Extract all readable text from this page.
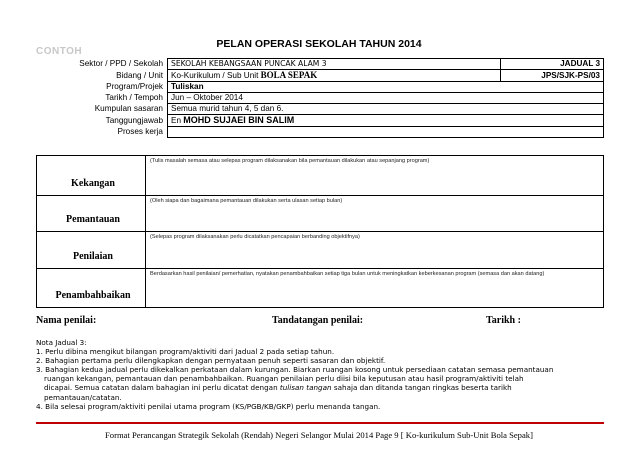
PELAN OPERASI SEKOLAH TAHUN 2014
CONTOH
Sektor / PPD / Sekolah	SEKOLAH KEBANGSAAN PUNCAK ALAM 3	JADUAL 3
Bidang / Unit	Ko-Kurikulum / Sub Unit BOLA SEPAK	JPS/SJK-PS/03
Program/Projek	Tuliskan	
Tarikh / Tempoh	Jun – Oktober 2014	
Kumpulan sasaran	Semua murid tahun 4, 5 dan 6.	
Tanggungjawab	En MOHD SUJAEI BIN SALIM	
Proses kerja		
Kekangan	(Tulis masalah semasa atau selepas program dilaksanakan bila pemantauan dilakukan atau sepanjang program)
Pemantauan	(Oleh siapa dan bagaimana pemantauan dilakukan serta ulasan setiap bulan)
Penilaian	(Selepas program dilaksanakan perlu dicatatkan pencapaian berbanding objektifnya)
Penambahbaikan	Berdasarkan hasil penilaian/ pemerhatian, nyatakan penambahbaikan setiap tiga bulan untuk meningkatkan keberkesanan program (semasa dan akan datang)
Nama penilai:	Tandatangan penilai:	Tarikh :

Nota Jadual 3:

1. Perlu dibina mengikut bilangan program/aktiviti dari Jadual 2 pada setiap tahun.

2. Bahagian pertama perlu dilengkapkan dengan pernyataan penuh seperti sasaran dan objektif.

3. Bahagian kedua jadual perlu dikekalkan perkataan dalam kurungan. Biarkan ruangan kosong untuk persediaan catatan semasa pemantauan

ruangan kekangan, pemantauan dan penambahbaikan. Ruangan penilaian perlu diisi bila keputusan atau hasil program/aktiviti telah

dicapai. Semua catatan dalam bahagian ini perlu dicatat dengan tulisan tangan sahaja dan ditanda tangan ringkas beserta tarikh

pemantauan/catatan.

4. Bila selesai program/aktiviti penilai utama program (KS/PGB/KB/GKP) perlu menanda tangan.

Format Perancangan Strategik Sekolah (Rendah) Negeri Selangor Mulai 2014 Page 9 [ Ko-kurikulum Sub-Unit Bola Sepak]
